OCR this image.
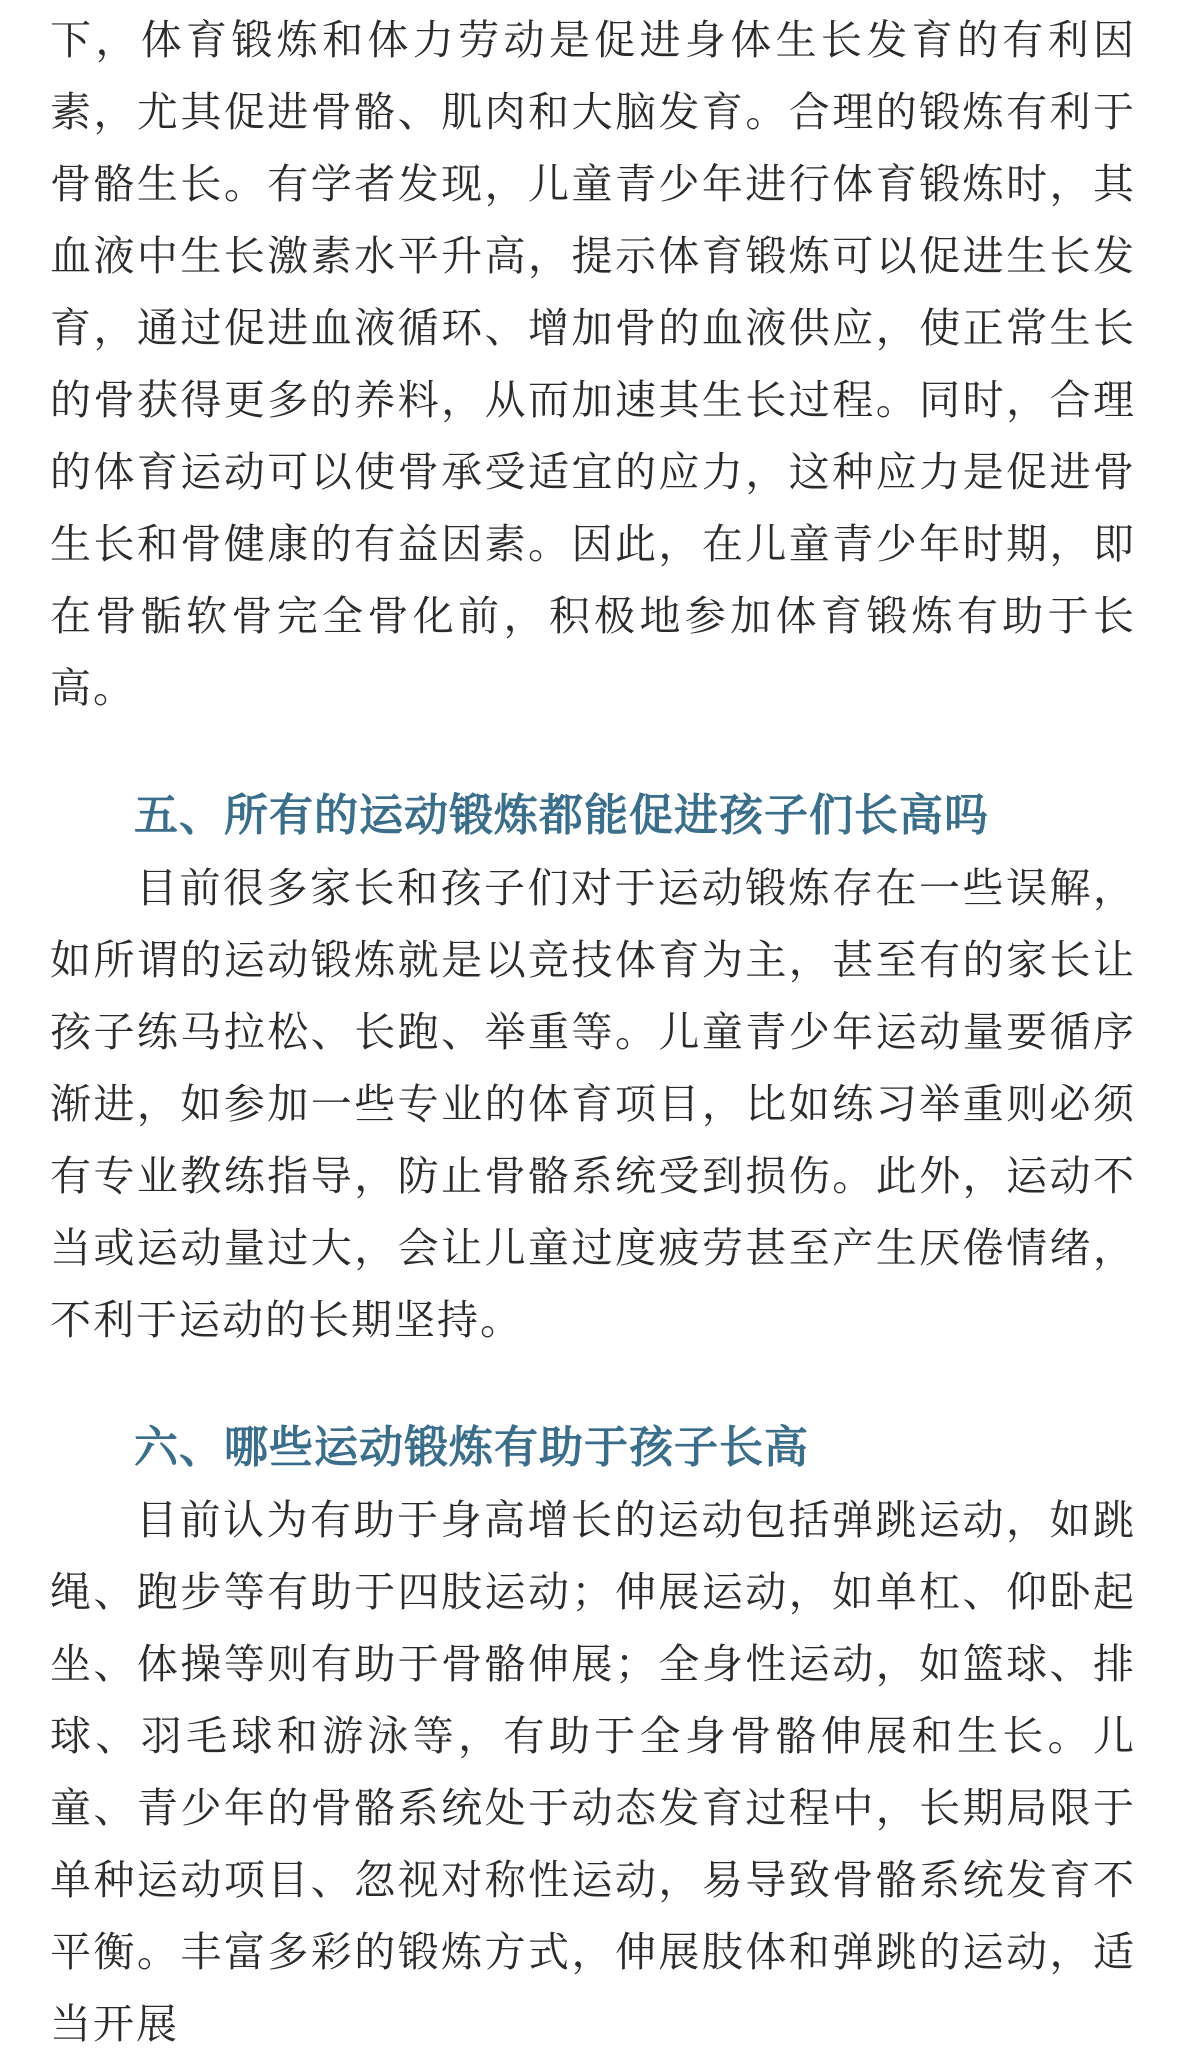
下，体育锻炼和体力劳动是促进身体生长发育的有利因素，尤其促进骨骼、肌肉和大脑发育。合理的锻炼有利于骨骼生长。有学者发现，儿童青少年进行体育锻炼时，其血液中生长激素水平升高，提示体育锻炼可以促进生长发育，通过促进血液循环、增加骨的血液供应，使正常生长的骨获得更多的养料，从而加速其生长过程。同时，合理的体育运动可以使骨承受适宜的应力，这种应力是促进骨生长和骨健康的有益因素。因此，在儿童青少年时期，即在骨骺软骨完全骨化前，积极地参加体育锻炼有助于长高。

五、所有的运动锻炼都能促进孩子们长高吗

目前很多家长和孩子们对于运动锻炼存在一些误解，如所谓的运动锻炼就是以竞技体育为主，甚至有的家长让孩子练马拉松、长跑、举重等。儿童青少年运动量要循序渐进，如参加一些专业的体育项目，比如练习举重则必须有专业教练指导，防止骨骼系统受到损伤。此外，运动不当或运动量过大，会让儿童过度疲劳甚至产生厌倦情绪，不利于运动的长期坚持。

六、哪些运动锻炼有助于孩子长高

目前认为有助于身高增长的运动包括弹跳运动，如跳绳、跑步等有助于四肢运动；伸展运动，如单杠、仰卧起坐、体操等则有助于骨骼伸展；全身性运动，如篮球、排球、羽毛球和游泳等，有助于全身骨骼伸展和生长。儿童、青少年的骨骼系统处于动态发育过程中，长期局限于单种运动项目、忽视对称性运动，易导致骨骼系统发育不平衡。丰富多彩的锻炼方式，伸展肢体和弹跳的运动，适当开展
